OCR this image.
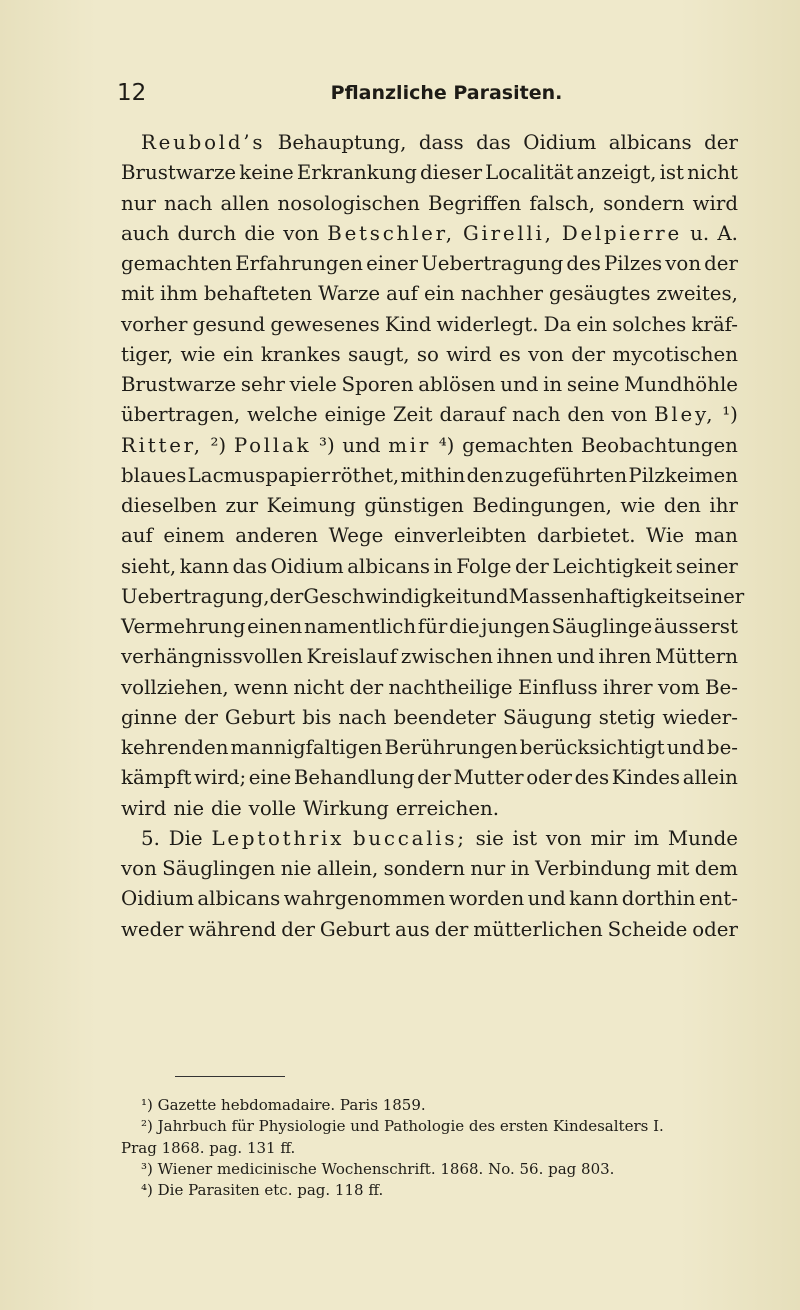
12	Pflanzliche Parasiten.
Reubold’s Behauptung, dass das Oidium albicans der
Brustwarze keine Erkrankung dieser Localität anzeigt, ist nicht
nur nach allen nosologischen Begriffen falsch, sondern wird
auch durch die von Betschler, Girelli, Delpierre u. A.
gemachten Erfahrungen einer Uebertragung des Pilzes von der
mit ihm behafteten Warze auf ein nachher gesäugtes zweites,
vorher gesund gewesenes Kind widerlegt. Da ein solches kräf-
tiger, wie ein krankes saugt, so wird es von der mycotischen
Brustwarze sehr viele Sporen ablösen und in seine Mundhöhle
übertragen, welche einige Zeit darauf nach den von Bley, ¹)
Ritter, ²) Pollak ³) und mir ⁴) gemachten Beobachtungen
blaues Lacmuspapier röthet, mithin den zugeführten Pilzkeimen
dieselben zur Keimung günstigen Bedingungen, wie den ihr
auf einem anderen Wege einverleibten darbietet. Wie man
sieht, kann das Oidium albicans in Folge der Leichtigkeit seiner
Uebertragung, der Geschwindigkeit und Massenhaftigkeit seiner
Vermehrung einen namentlich für die jungen Säuglinge äusserst
verhängnissvollen Kreislauf zwischen ihnen und ihren Müttern
vollziehen, wenn nicht der nachtheilige Einfluss ihrer vom Be-
ginne der Geburt bis nach beendeter Säugung stetig wieder-
kehrenden mannigfaltigen Berührungen berücksichtigt und be-
kämpft wird; eine Behandlung der Mutter oder des Kindes allein
wird nie die volle Wirkung erreichen.
5. Die Leptothrix buccalis; sie ist von mir im Munde
von Säuglingen nie allein, sondern nur in Verbindung mit dem
Oidium albicans wahrgenommen worden und kann dorthin ent-
weder während der Geburt aus der mütterlichen Scheide oder
¹) Gazette hebdomadaire. Paris 1859.
²) Jahrbuch für Physiologie und Pathologie des ersten Kindesalters I.
Prag 1868. pag. 131 ff.
³) Wiener medicinische Wochenschrift. 1868. No. 56. pag 803.
⁴) Die Parasiten etc. pag. 118 ff.
